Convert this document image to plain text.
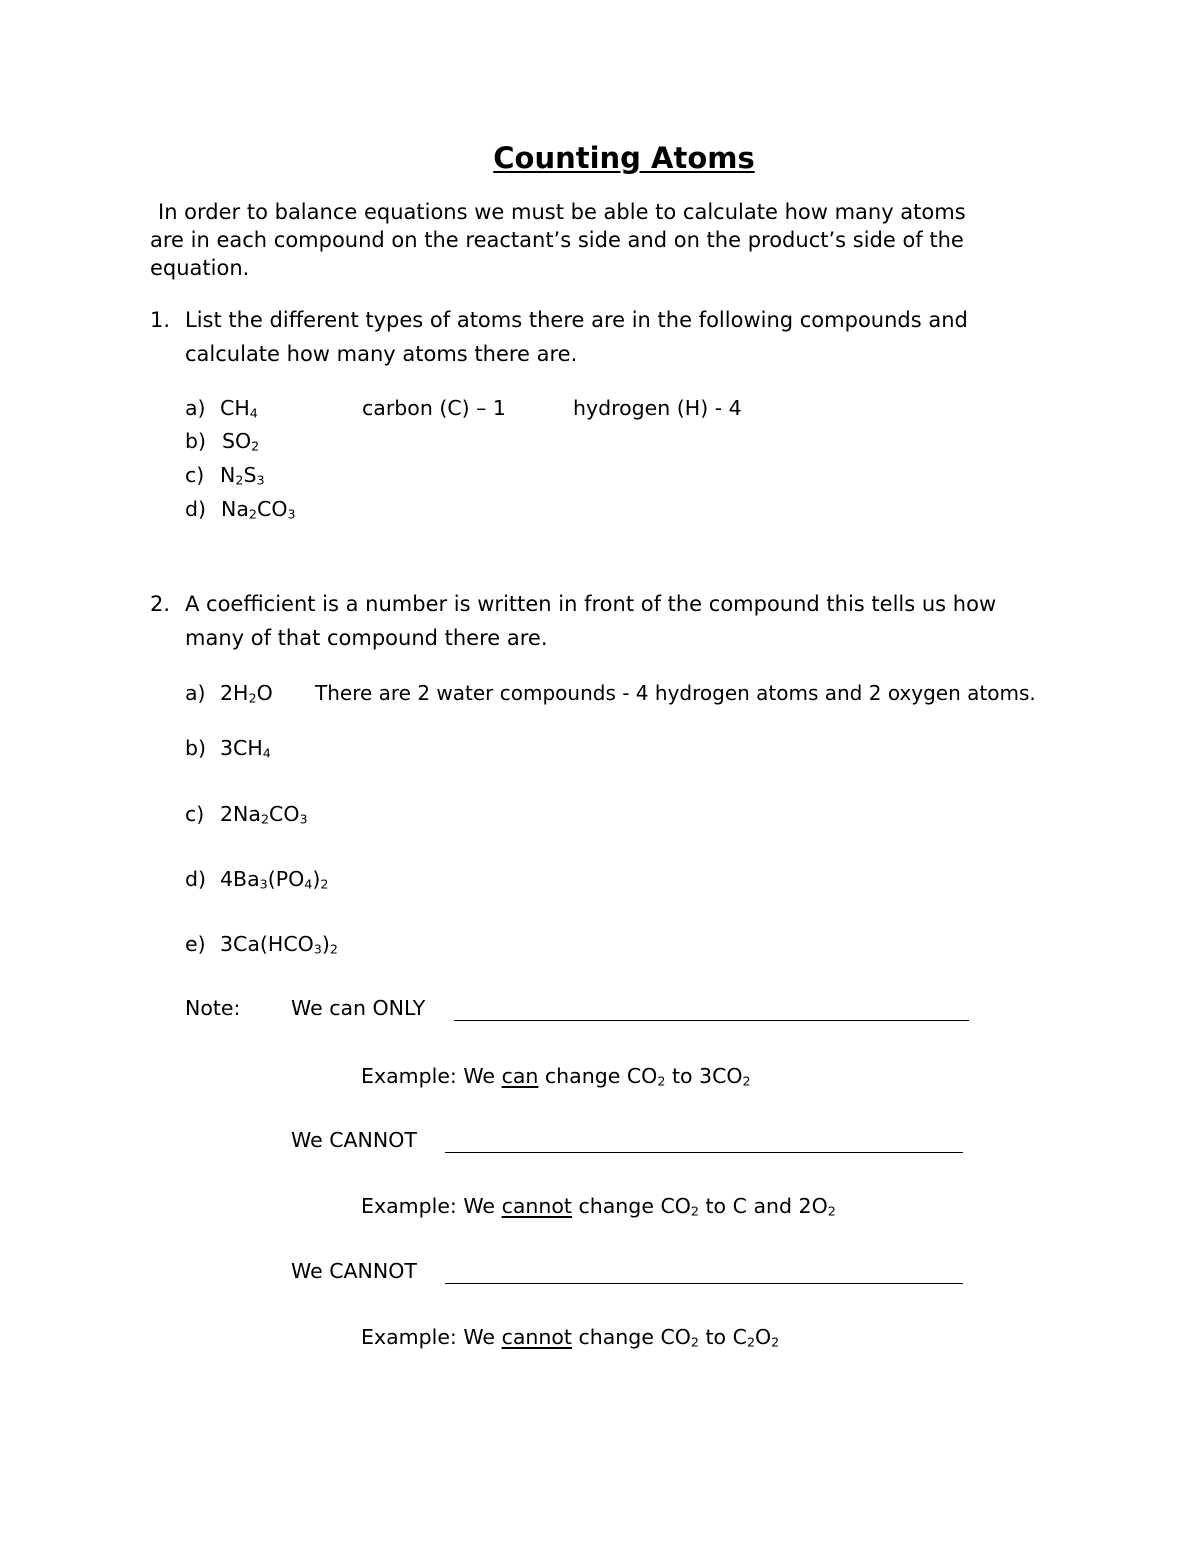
Counting Atoms
In order to balance equations we must be able to calculate how many atoms
are in each compound on the reactant’s side and on the product’s side of the
equation.
1. List the different types of atoms there are in the following compounds and
calculate how many atoms there are.
a) CH4	carbon (C) – 1	hydrogen (H) - 4
b) SO2
c) N2S3
d) Na2CO3
2. A coefficient is a number is written in front of the compound this tells us how
many of that compound there are.
a) 2H2O There are 2 water compounds - 4 hydrogen atoms and 2 oxygen atoms.
b) 3CH4
c) 2Na2CO3
d) 4Ba3(PO4)2
e) 3Ca(HCO3)2
Note: We can ONLY
Example: We can change CO2 to 3CO2
We CANNOT
Example: We cannot change CO2 to C and 2O2
We CANNOT
Example: We cannot change CO2 to C2O2
